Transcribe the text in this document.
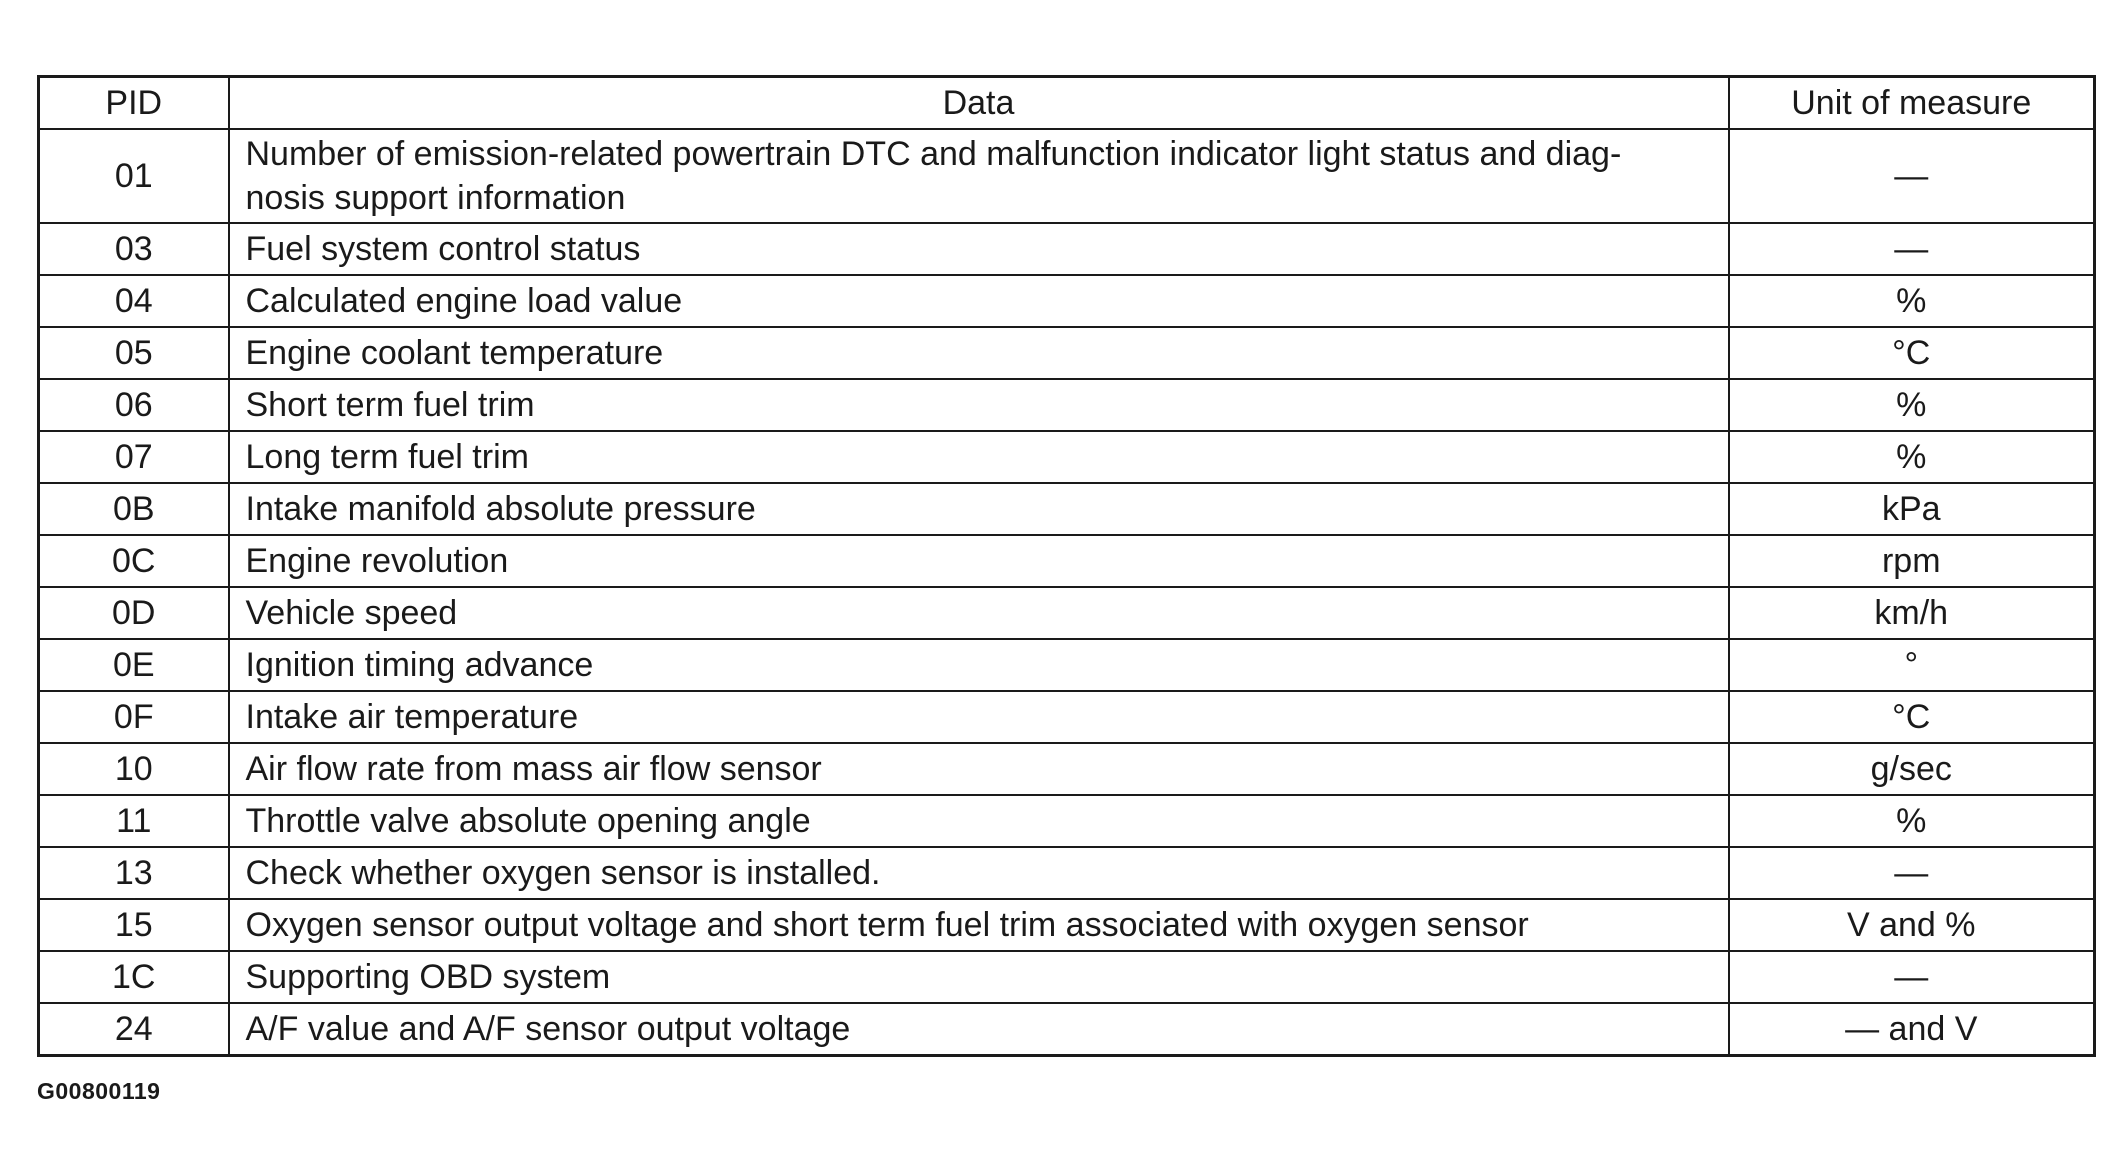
PID	Data	Unit of measure
01	Number of emission-related powertrain DTC and malfunction indicator light status and diag-nosis support information	—
03	Fuel system control status	—
04	Calculated engine load value	%
05	Engine coolant temperature	°C
06	Short term fuel trim	%
07	Long term fuel trim	%
0B	Intake manifold absolute pressure	kPa
0C	Engine revolution	rpm
0D	Vehicle speed	km/h
0E	Ignition timing advance	°
0F	Intake air temperature	°C
10	Air flow rate from mass air flow sensor	g/sec
11	Throttle valve absolute opening angle	%
13	Check whether oxygen sensor is installed.	—
15	Oxygen sensor output voltage and short term fuel trim associated with oxygen sensor	V and %
1C	Supporting OBD system	—
24	A/F value and A/F sensor output voltage	— and V
G00800119
